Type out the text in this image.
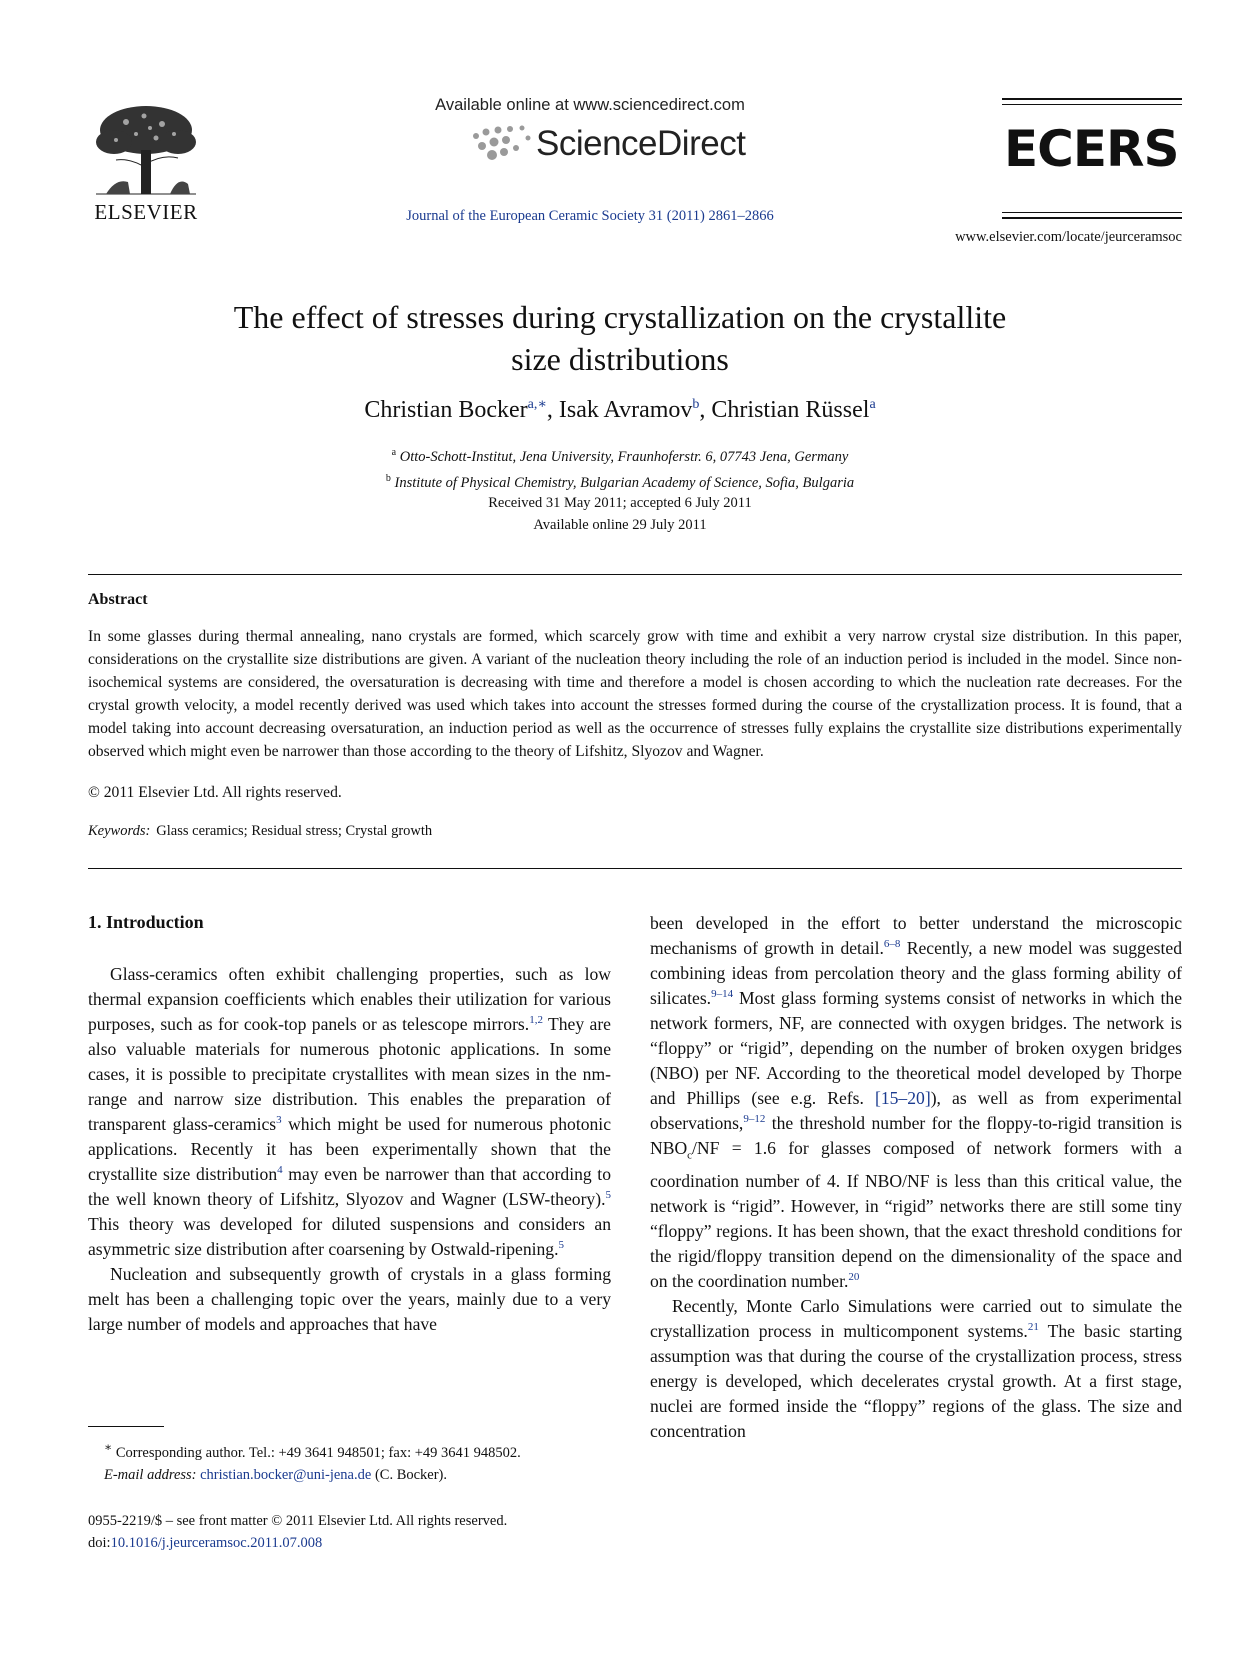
ELSEVIER
Available online at www.sciencedirect.com
ScienceDirect
Journal of the European Ceramic Society 31 (2011) 2861–2866
ECERS
www.elsevier.com/locate/jeurceramsoc
The effect of stresses during crystallization on the crystallite
size distributions
Christian Bocker$^{a,∗}$, Isak Avramov$^b$, Christian Rüssel$^a$
$^a$ Otto-Schott-Institut, Jena University, Fraunhoferstr. 6, 07743 Jena, Germany
$^b$ Institute of Physical Chemistry, Bulgarian Academy of Science, Sofia, Bulgaria
Received 31 May 2011; accepted 6 July 2011
Available online 29 July 2011
Abstract
In some glasses during thermal annealing, nano crystals are formed, which scarcely grow with time and exhibit a very narrow crystal size distribution. In this paper, considerations on the crystallite size distributions are given. A variant of the nucleation theory including the role of an induction period is included in the model. Since non-isochemical systems are considered, the oversaturation is decreasing with time and therefore a model is chosen according to which the nucleation rate decreases. For the crystal growth velocity, a model recently derived was used which takes into account the stresses formed during the course of the crystallization process. It is found, that a model taking into account decreasing oversaturation, an induction period as well as the occurrence of stresses fully explains the crystallite size distributions experimentally observed which might even be narrower than those according to the theory of Lifshitz, Slyozov and Wagner.
© 2011 Elsevier Ltd. All rights reserved.
Keywords: Glass ceramics; Residual stress; Crystal growth
1. Introduction

Glass-ceramics often exhibit challenging properties, such as low thermal expansion coefficients which enables their utilization for various purposes, such as for cook-top panels or as telescope mirrors.$^{1,2}$ They are also valuable materials for numerous photonic applications. In some cases, it is possible to precipitate crystallites with mean sizes in the nm-range and narrow size distribution. This enables the preparation of transparent glass-ceramics$^3$ which might be used for numerous photonic applications. Recently it has been experimentally shown that the crystallite size distribution$^4$ may even be narrower than that according to the well known theory of Lifshitz, Slyozov and Wagner (LSW-theory).$^5$ This theory was developed for diluted suspensions and considers an asymmetric size distribution after coarsening by Ostwald-ripening.$^5$

Nucleation and subsequently growth of crystals in a glass forming melt has been a challenging topic over the years, mainly due to a very large number of models and approaches that have

been developed in the effort to better understand the microscopic mechanisms of growth in detail.$^{6-8}$ Recently, a new model was suggested combining ideas from percolation theory and the glass forming ability of silicates.$^{9-14}$ Most glass forming systems consist of networks in which the network formers, NF, are connected with oxygen bridges. The network is “floppy” or “rigid”, depending on the number of broken oxygen bridges (NBO) per NF. According to the theoretical model developed by Thorpe and Phillips (see e.g. Refs. [15–20]), as well as from experimental observations,$^{9-12}$ the threshold number for the floppy-to-rigid transition is $NBO_c/NF = 1.6$ for glasses composed of network formers with a coordination number of 4. If NBO/NF is less than this critical value, the network is “rigid”. However, in “rigid” networks there are still some tiny “floppy” regions. It has been shown, that the exact threshold conditions for the rigid/floppy transition depend on the dimensionality of the space and on the coordination number.$^{20}$

Recently, Monte Carlo Simulations were carried out to simulate the crystallization process in multicomponent systems.$^{21}$ The basic starting assumption was that during the course of the crystallization process, stress energy is developed, which decelerates crystal growth. At a first stage, nuclei are formed inside the “floppy” regions of the glass. The size and concentration

∗ Corresponding author. Tel.: +49 3641 948501; fax: +49 3641 948502.
E-mail address: christian.bocker@uni-jena.de (C. Bocker).
0955-2219/$ – see front matter © 2011 Elsevier Ltd. All rights reserved.
doi:10.1016/j.jeurceramsoc.2011.07.008
